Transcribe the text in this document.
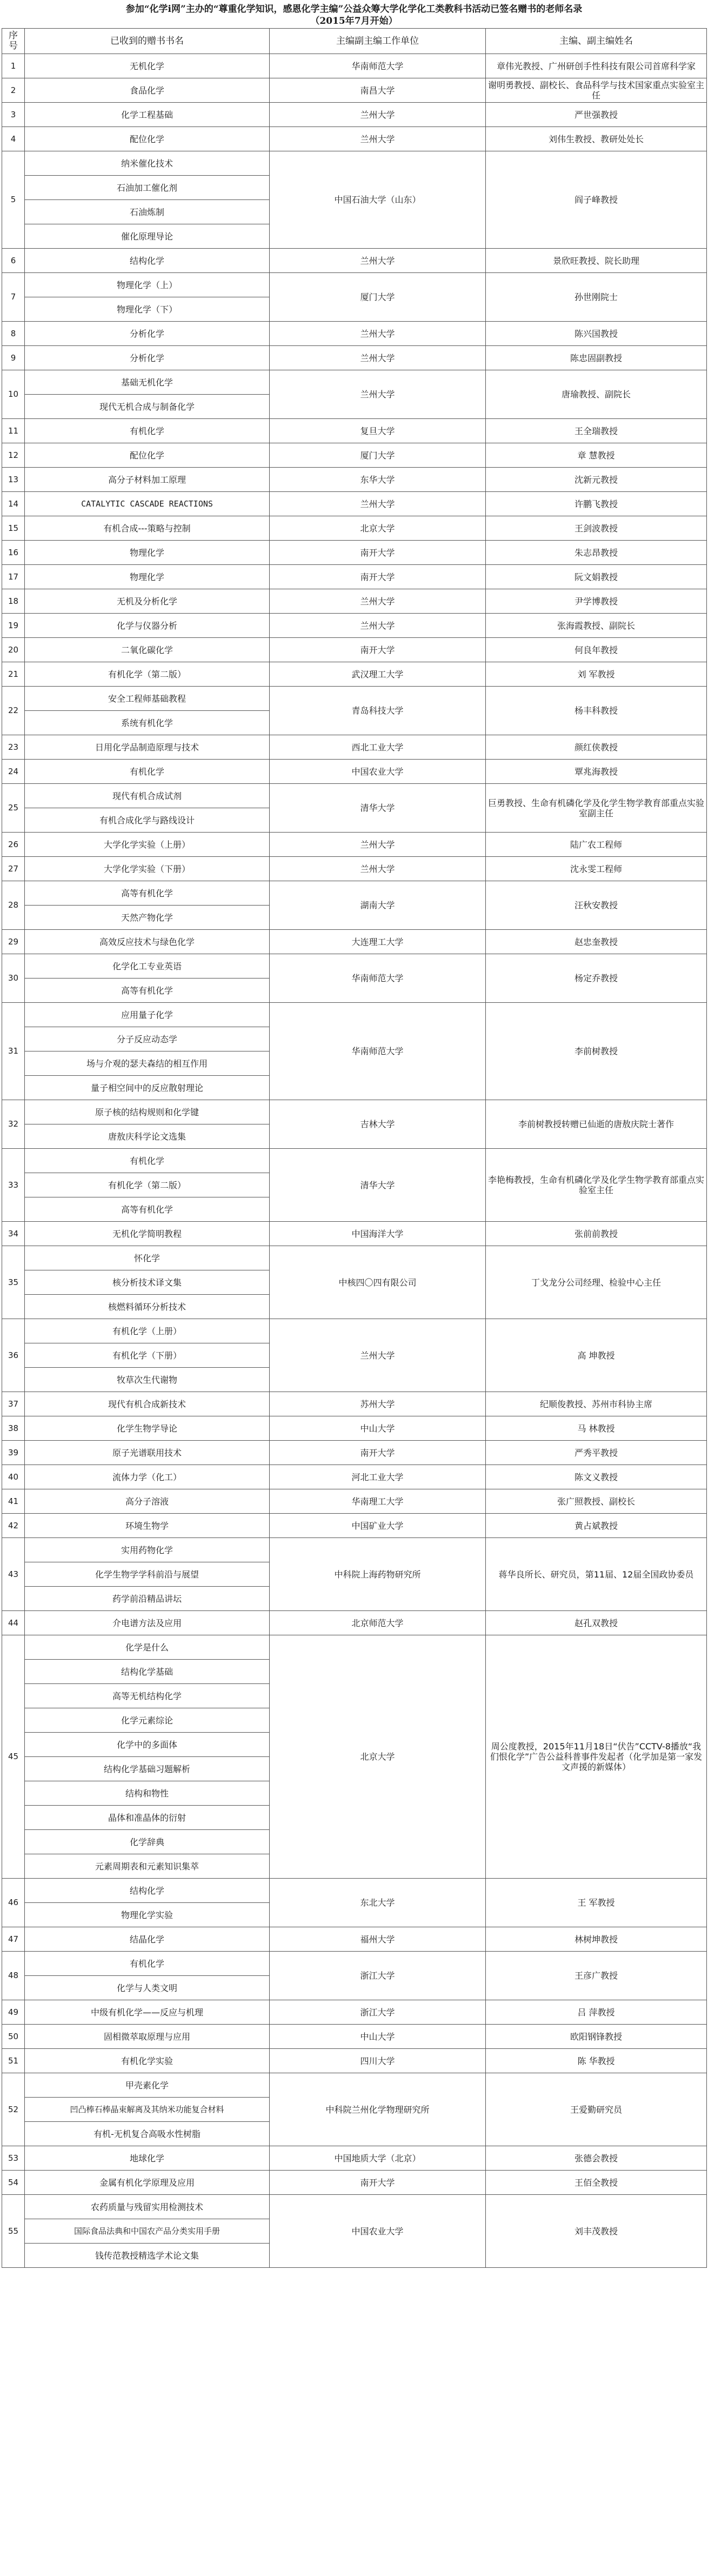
参加“化学i网”主办的“尊重化学知识，感恩化学主编”公益众筹大学化学化工类教科书活动已签名赠书的老师名录
（2015年7月开始）
序号	已收到的赠书书名	主编副主编工作单位	主编、副主编姓名
1	无机化学	华南师范大学	章伟光教授、广州研创手性科技有限公司首席科学家
2	食品化学	南昌大学	谢明勇教授、副校长、食品科学与技术国家重点实验室主任
3	化学工程基础	兰州大学	严世强教授
4	配位化学	兰州大学	刘伟生教授、教研处处长
5	纳米催化技术	中国石油大学（山东）	阎子峰教授
	石油加工催化剂		
	石油炼制		
	催化原理导论		
6	结构化学	兰州大学	景欣旺教授、院长助理
7	物理化学（上）	厦门大学	孙世刚院士
	物理化学（下）		
8	分析化学	兰州大学	陈兴国教授
9	分析化学	兰州大学	陈忠固副教授
10	基础无机化学	兰州大学	唐瑜教授、副院长
	现代无机合成与制备化学		
11	有机化学	复旦大学	王全瑞教授
12	配位化学	厦门大学	章 慧教授
13	高分子材料加工原理	东华大学	沈新元教授
14	CATALYTIC CASCADE REACTIONS	兰州大学	许鹏飞教授
15	有机合成---策略与控制	北京大学	王剑波教授
16	物理化学	南开大学	朱志昂教授
17	物理化学	南开大学	阮文娟教授
18	无机及分析化学	兰州大学	尹学博教授
19	化学与仪器分析	兰州大学	张海霞教授、副院长
20	二氧化碳化学	南开大学	何良年教授
21	有机化学（第二版）	武汉理工大学	刘 军教授
22	安全工程师基础教程	青岛科技大学	杨丰科教授
	系统有机化学		
23	日用化学品制造原理与技术	西北工业大学	颜红侠教授
24	有机化学	中国农业大学	覃兆海教授
25	现代有机合成试剂	清华大学	巨勇教授、生命有机磷化学及化学生物学教育部重点实验室副主任
	有机合成化学与路线设计		
26	大学化学实验（上册）	兰州大学	陆广农工程师
27	大学化学实验（下册）	兰州大学	沈永雯工程师
28	高等有机化学	湖南大学	汪秋安教授
	天然产物化学		
29	高效反应技术与绿色化学	大连理工大学	赵忠奎教授
30	化学化工专业英语	华南师范大学	杨定乔教授
	高等有机化学		
31	应用量子化学	华南师范大学	李前树教授
	分子反应动态学		
	场与介观的瑟夫森结的相互作用		
	量子相空间中的反应散射理论		
32	原子核的结构规则和化学键	吉林大学	李前树教授转赠已仙逝的唐敖庆院士著作
	唐敖庆科学论文选集		
33	有机化学	清华大学	李艳梅教授，生命有机磷化学及化学生物学教育部重点实验室主任
	有机化学（第二版）		
	高等有机化学		
34	无机化学简明教程	中国海洋大学	张前前教授
35	怀化学	中核四〇四有限公司	丁戈龙分公司经理、检验中心主任
	核分析技术译文集		
	核燃料循环分析技术		
36	有机化学（上册）	兰州大学	高 坤教授
	有机化学（下册）		
	牧草次生代谢物		
37	现代有机合成新技术	苏州大学	纪顺俊教授、苏州市科协主席
38	化学生物学导论	中山大学	马 林教授
39	原子光谱联用技术	南开大学	严秀平教授
40	流体力学（化工）	河北工业大学	陈文义教授
41	高分子溶液	华南理工大学	张广照教授、副校长
42	环境生物学	中国矿业大学	黄占斌教授
43	实用药物化学	中科院上海药物研究所	蒋华良所长、研究员，第11届、12届全国政协委员
	化学生物学学科前沿与展望		
	药学前沿精品讲坛		
44	介电谱方法及应用	北京师范大学	赵孔双教授
45	化学是什么	北京大学	周公度教授，2015年11月18日“伏告”CCTV-8播放“我们恨化学”广告公益科普事件发起者（化学加是第一家发文声援的新媒体）
	结构化学基础		
	高等无机结构化学		
	化学元素综论		
	化学中的多面体		
	结构化学基础习题解析		
	结构和物性		
	晶体和准晶体的衍射		
	化学辞典		
	元素周期表和元素知识集萃		
46	结构化学	东北大学	王 军教授
	物理化学实验		
47	结晶化学	福州大学	林树坤教授
48	有机化学	浙江大学	王彦广教授
	化学与人类文明		
49	中级有机化学——反应与机理	浙江大学	吕 萍教授
50	固相微萃取原理与应用	中山大学	欧阳钢锋教授
51	有机化学实验	四川大学	陈 华教授
52	甲壳素化学	中科院兰州化学物理研究所	王爱勤研究员
	凹凸棒石棒晶束解离及其纳米功能复合材料		
	有机-无机复合高吸水性树脂		
53	地球化学	中国地质大学（北京）	张德会教授
54	金属有机化学原理及应用	南开大学	王佰全教授
55	农药质量与残留实用检测技术	中国农业大学	刘丰茂教授
	国际食品法典和中国农产品分类实用手册		
	钱传范教授精选学术论文集		
